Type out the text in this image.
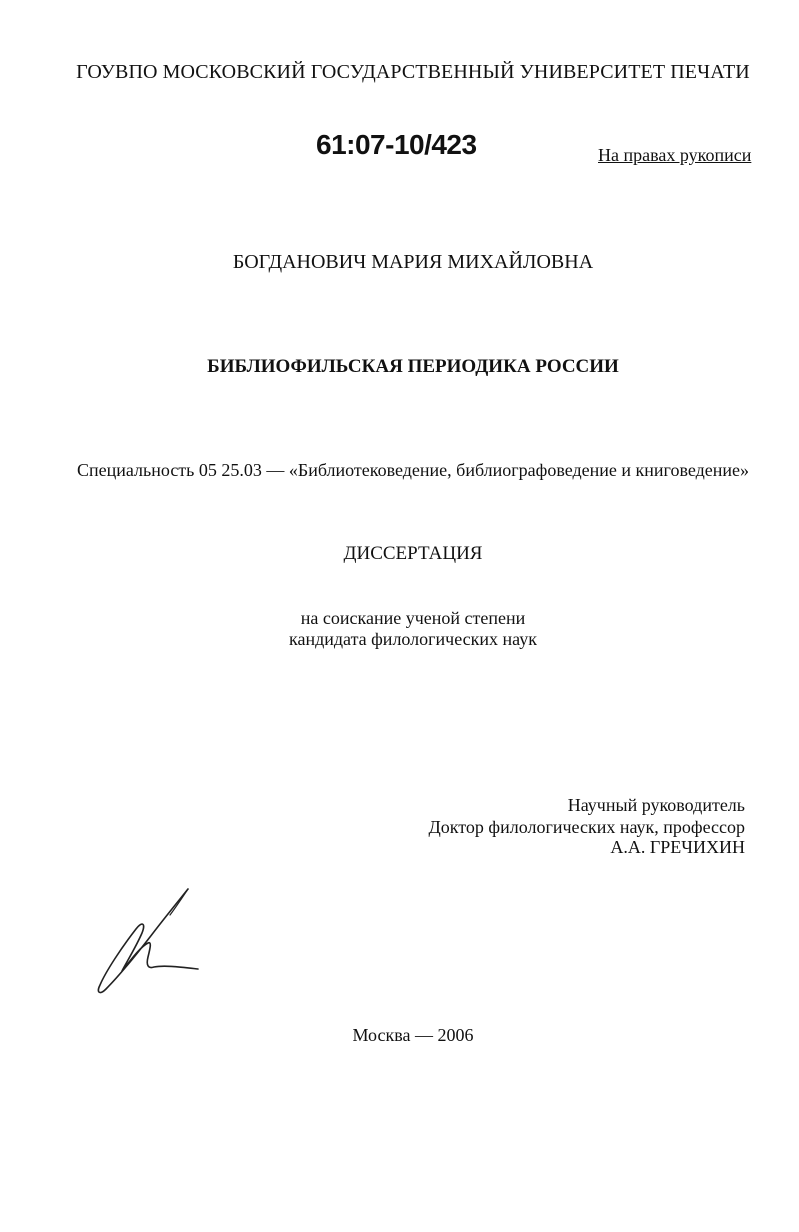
ГОУВПО МОСКОВСКИЙ ГОСУДАРСТВЕННЫЙ УНИВЕРСИТЕТ ПЕЧАТИ
61:07-10/423	На правах рукописи
БОГДАНОВИЧ МАРИЯ МИХАЙЛОВНА
БИБЛИОФИЛЬСКАЯ ПЕРИОДИКА РОССИИ
Специальность 05 25.03 — «Библиотековедение, библиографоведение и книговедение»
ДИССЕРТАЦИЯ
на соискание ученой степени
кандидата филологических наук
Научный руководитель
Доктор филологических наук, профессор
А.А. ГРЕЧИХИН
Москва — 2006
